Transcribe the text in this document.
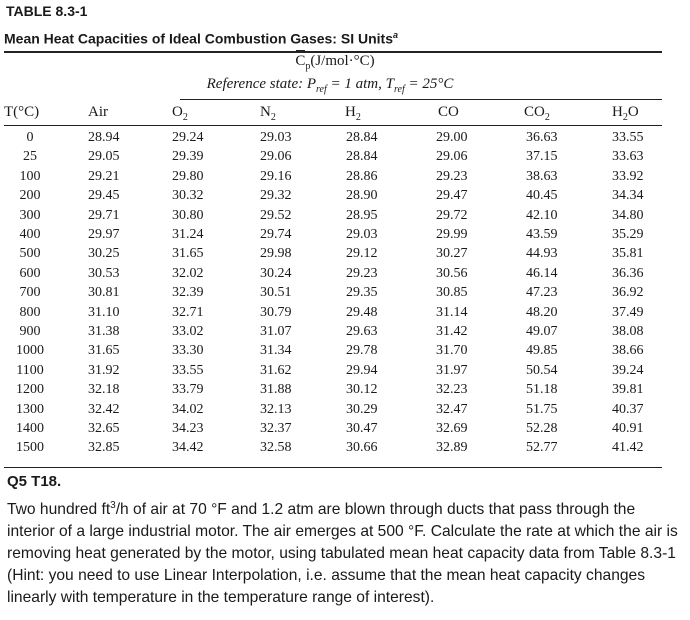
TABLE 8.3-1
Mean Heat Capacities of Ideal Combustion Gases: SI Units$^a$
$C_p(J/mol\cdot^\circ C)$
Reference state: $P_{ref} = 1$ atm, $T_{ref} = 25^\circ C$
T(°C)	Air	$O_2$	$N_2$	$H_2$	CO	$CO_2$	$H_2O$
0	28.94	29.24	29.03	28.84	29.00	36.63	33.55
25	29.05	29.39	29.06	28.84	29.06	37.15	33.63
100	29.21	29.80	29.16	28.86	29.23	38.63	33.92
200	29.45	30.32	29.32	28.90	29.47	40.45	34.34
300	29.71	30.80	29.52	28.95	29.72	42.10	34.80
400	29.97	31.24	29.74	29.03	29.99	43.59	35.29
500	30.25	31.65	29.98	29.12	30.27	44.93	35.81
600	30.53	32.02	30.24	29.23	30.56	46.14	36.36
700	30.81	32.39	30.51	29.35	30.85	47.23	36.92
800	31.10	32.71	30.79	29.48	31.14	48.20	37.49
900	31.38	33.02	31.07	29.63	31.42	49.07	38.08
1000	31.65	33.30	31.34	29.78	31.70	49.85	38.66
1100	31.92	33.55	31.62	29.94	31.97	50.54	39.24
1200	32.18	33.79	31.88	30.12	32.23	51.18	39.81
1300	32.42	34.02	32.13	30.29	32.47	51.75	40.37
1400	32.65	34.23	32.37	30.47	32.69	52.28	40.91
1500	32.85	34.42	32.58	30.66	32.89	52.77	41.42
Q5 T18.
Two hundred $ft^3/h$ of air at 70 °F and 1.2 atm are blown through ducts that pass through the interior of a large industrial motor. The air emerges at 500 °F. Calculate the rate at which the air is removing heat generated by the motor, using tabulated mean heat capacity data from Table 8.3-1 (Hint: you need to use Linear Interpolation, i.e. assume that the mean heat capacity changes linearly with temperature in the temperature range of interest).
